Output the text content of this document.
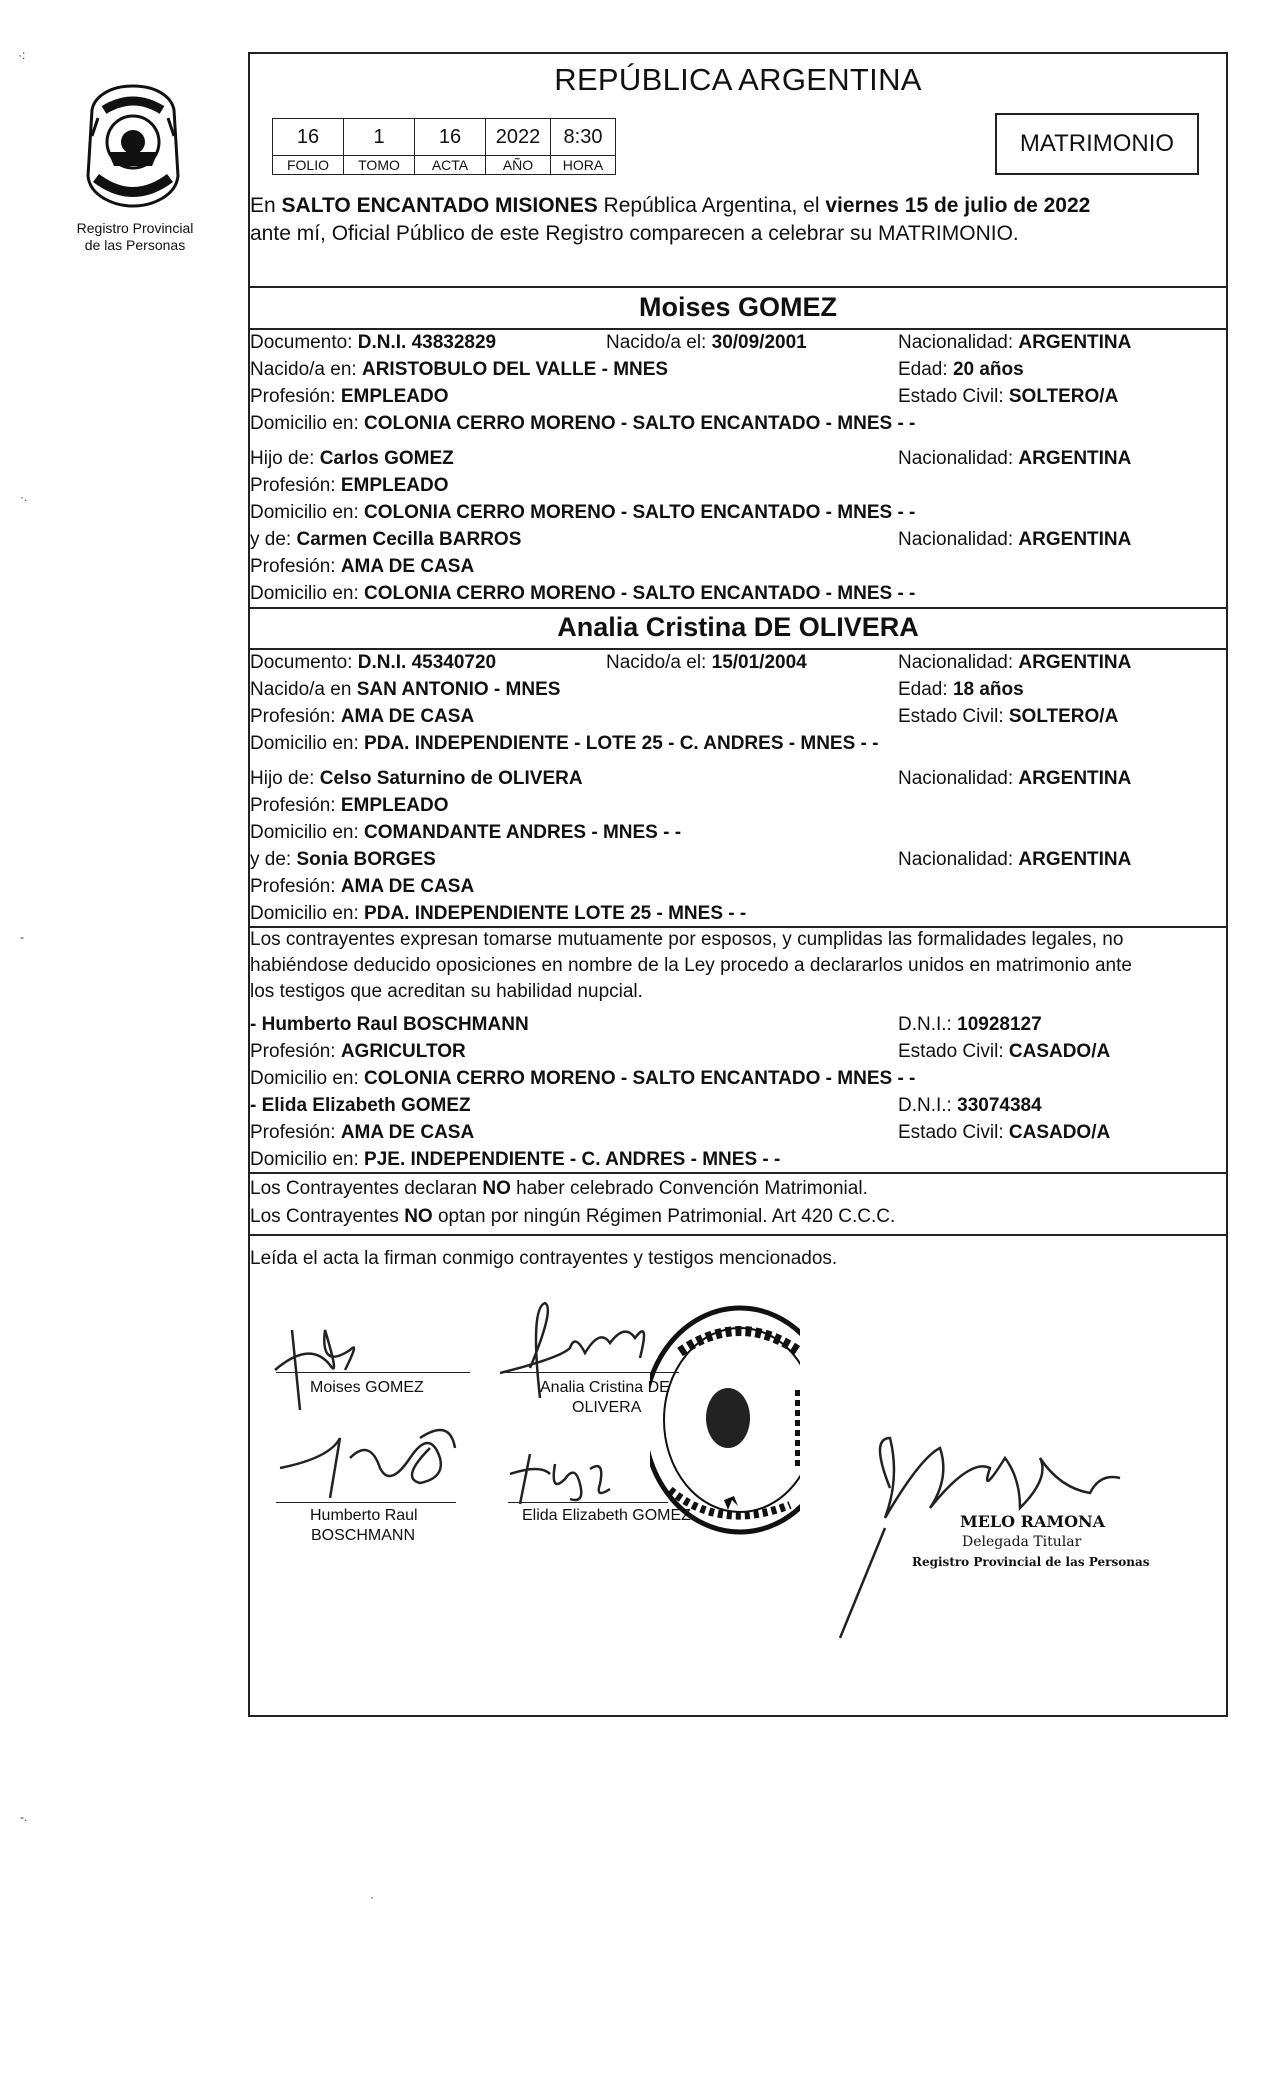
Registro Provincial
de las Personas
REPÚBLICA ARGENTINA
16	1	16	2022	8:30
FOLIO	TOMO	ACTA	AÑO	HORA
MATRIMONIO
En SALTO ENCANTADO MISIONES República Argentina, el viernes 15 de julio de 2022
ante mí, Oficial Público de este Registro comparecen a celebrar su MATRIMONIO.
Moises GOMEZ
Documento: D.N.I. 43832829	Nacido/a el: 30/09/2001	Nacionalidad: ARGENTINA
Nacido/a en: ARISTOBULO DEL VALLE - MNES	Edad: 20 años
Profesión: EMPLEADO	Estado Civil: SOLTERO/A
Domicilio en: COLONIA CERRO MORENO - SALTO ENCANTADO - MNES - -
Hijo de: Carlos GOMEZ	Nacionalidad: ARGENTINA
Profesión: EMPLEADO
Domicilio en: COLONIA CERRO MORENO - SALTO ENCANTADO - MNES - -
y de: Carmen Cecilla BARROS	Nacionalidad: ARGENTINA
Profesión: AMA DE CASA
Domicilio en: COLONIA CERRO MORENO - SALTO ENCANTADO - MNES - -
Analia Cristina DE OLIVERA
Documento: D.N.I. 45340720	Nacido/a el: 15/01/2004	Nacionalidad: ARGENTINA
Nacido/a en SAN ANTONIO - MNES	Edad: 18 años
Profesión: AMA DE CASA	Estado Civil: SOLTERO/A
Domicilio en: PDA. INDEPENDIENTE - LOTE 25 - C. ANDRES - MNES - -
Hijo de: Celso Saturnino de OLIVERA	Nacionalidad: ARGENTINA
Profesión: EMPLEADO
Domicilio en: COMANDANTE ANDRES - MNES - -
y de: Sonia BORGES	Nacionalidad: ARGENTINA
Profesión: AMA DE CASA
Domicilio en: PDA. INDEPENDIENTE LOTE 25 - MNES - -
Los contrayentes expresan tomarse mutuamente por esposos, y cumplidas las formalidades legales, no
habiéndose deducido oposiciones en nombre de la Ley procedo a declararlos unidos en matrimonio ante
los testigos que acreditan su habilidad nupcial.
- Humberto Raul BOSCHMANN	D.N.I.: 10928127
Profesión: AGRICULTOR	Estado Civil: CASADO/A
Domicilio en: COLONIA CERRO MORENO - SALTO ENCANTADO - MNES - -
- Elida Elizabeth GOMEZ	D.N.I.: 33074384
Profesión: AMA DE CASA	Estado Civil: CASADO/A
Domicilio en: PJE. INDEPENDIENTE - C. ANDRES - MNES - -
Los Contrayentes declaran NO haber celebrado Convención Matrimonial.
Los Contrayentes NO optan por ningún Régimen Patrimonial. Art 420 C.C.C.
Leída el acta la firman conmigo contrayentes y testigos mencionados.
Moises GOMEZ	Analia Cristina DE
OLIVERA
Humberto Raul
BOSCHMANN
Elida Elizabeth GOMEZ	MELO RAMONA
Delegada Titular
Registro Provincial de las Personas
·:
·.
-
-.
·
